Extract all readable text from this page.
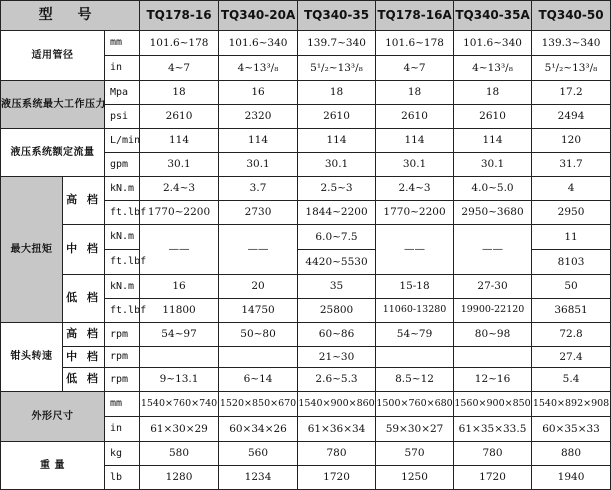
型 号			TQ178-16	TQ340-20A	TQ340-35	TQ178-16A	TQ340-35A	TQ340-50
适用管径		mm	101.6~178	101.6~340	139.7~340	101.6~178	101.6~340	139.3~340
		in	4~7	4~13³/₈	5¹/₂~13³/₈	4~7	4~13³/₈	5¹/₂~13³/₈
液压系统最大工作压力		Mpa	18	16	18	18	18	17.2
		psi	2610	2320	2610	2610	2610	2494
液压系统额定流量		L/min	114	114	114	114	114	120
		gpm	30.1	30.1	30.1	30.1	30.1	31.7
最大扭矩	高 档	kN.m	2.4~3	3.7	2.5~3	2.4~3	4.0~5.0	4
		ft.lbf	1770~2200	2730	1844~2200	1770~2200	2950~3680	2950
	中 档	kN.m	——	——	6.0~7.5	——	——	11
		ft.lbf			4420~5530			8103
	低 档	kN.m	16	20	35	15-18	27-30	50
		ft.lbf	11800	14750	25800	11060-13280	19900-22120	36851
钳头转速	高 档	rpm	54~97	50~80	60~86	54~79	80~98	72.8
	中 档	rpm			21~30			27.4
	低 档	rpm	9~13.1	6~14	2.6~5.3	8.5~12	12~16	5.4
外形尺寸		mm	1540×760×740	1520×850×670	1540×900×860	1500×760×680	1560×900×850	1540×892×908
		in	61×30×29	60×34×26	61×36×34	59×30×27	61×35×33.5	60×35×33
重 量		kg	580	560	780	570	780	880
		lb	1280	1234	1720	1250	1720	1940
